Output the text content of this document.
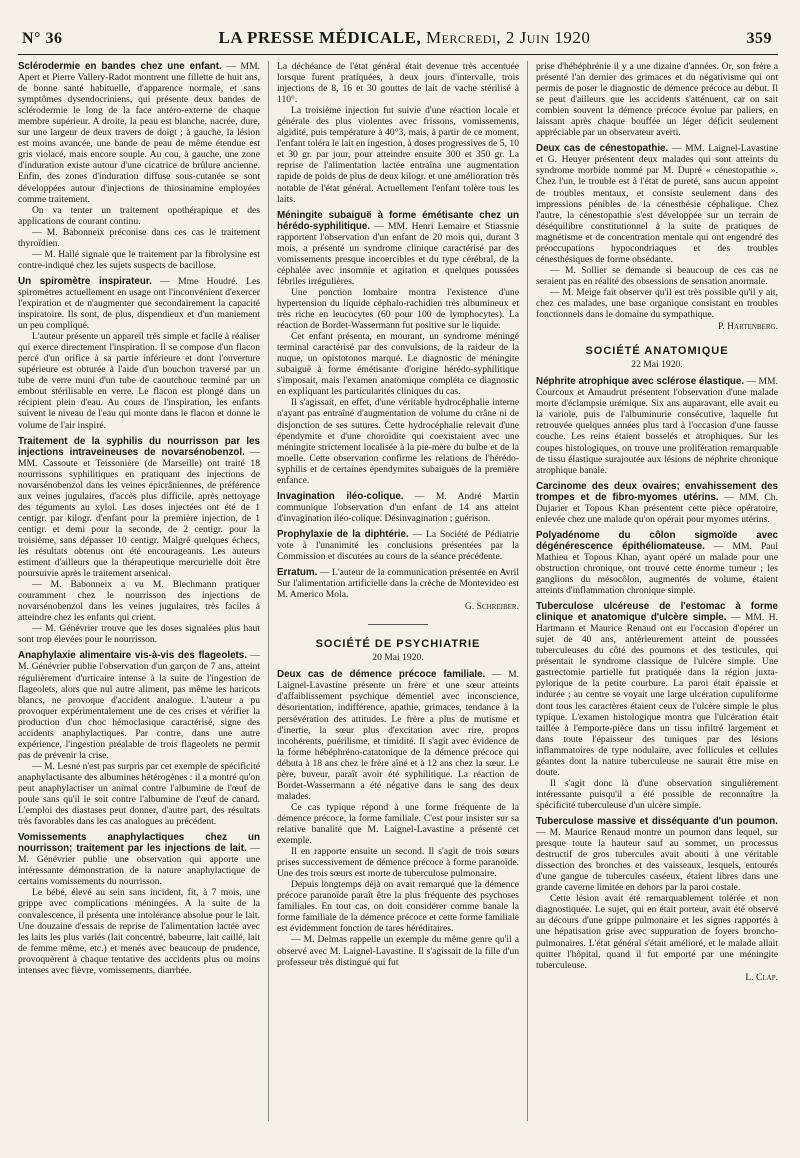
N° 36	LA PRESSE MÉDICALE, Mercredi, 2 Juin 1920	359

Sclérodermie en bandes chez une enfant. — MM. Apert et Pierre Vallery-Radot montrent une fillette de huit ans, de bonne santé habituelle, d'apparence normale, et sans symptômes dysendocriniens, qui présente deux bandes de sclérodermie le long de la face antéro-externe de chaque membre supérieur. A droite, la peau est blanche, nacrée, dure, sur une largeur de deux travers de doigt ; à gauche, la lésion est moins avancée, une bande de peau de même étendue est gris violacé, mais encore souple. Au cou, à gauche, une zone d'induration existe autour d'une cicatrice de brûlure ancienne. Enfin, des zones d'induration diffuse sous-cutanée se sont développées autour d'injections de thiosinamine employées comme traitement.

On va tenter un traitement opothérapique et des applications de courant continu.

— M. Babonneix préconise dans ces cas le traitement thyroïdien.

— M. Hallé signale que le traitement par la fibrolysine est contre-indiqué chez les sujets suspects de bacillose.

Un spiromètre inspirateur. — Mme Houdré. Les spiromètres actuellement en usage ont l'inconvénient d'exercer l'expiration et de n'augmenter que secondairement la capacité inspiratoire. Ils sont, de plus, dispendieux et d'un maniement un peu compliqué.

L'auteur présente un appareil très simple et facile à réaliser qui exerce directement l'inspiration. Il se compose d'un flacon percé d'un orifice à sa partie inférieure et dont l'ouverture supérieure est obturée à l'aide d'un bouchon traversé par un tube de verre muni d'un tube de caoutchouc terminé par un embout stérilisable en verre. Le flacon est plongé dans un récipient plein d'eau. Au cours de l'inspiration, les enfants suivent le niveau de l'eau qui monte dans le flacon et donne le volume de l'air inspiré.

Traitement de la syphilis du nourrisson par les injections intraveineuses de novarsénobenzol. — MM. Cassoute et Teissonière (de Marseille) ont traité 18 nourrissons syphilitiques en pratiquant des injections de novarsénobenzol dans les veines épicrâniennes, de préférence aux veines jugulaires, d'accès plus difficile, après nettoyage des téguments au xylol. Les doses injectées ont été de 1 centigr. par kilogr. d'enfant pour la première injection, de 1 centigr. et demi pour la seconde, de 2 centigr. pour la troisième, sans dépasser 10 centigr. Malgré quelques échecs, les résultats obtenus ont été encourageants. Les auteurs estiment d'ailleurs que la thérapeutique mercurielle doit être poursuivie après le traitement arsenical.

— M. Babonneix a vu M. Blechmann pratiquer couramment chez le nourrisson des injections de novarsénobenzol dans les veines jugulaires, très faciles à atteindre chez les enfants qui crient.

— M. Génévrier trouve que les doses signalées plus haut sont trop élevées pour le nourrisson.

Anaphylaxie alimentaire vis-à-vis des flageolets. — M. Génévrier publie l'observation d'un garçon de 7 ans, atteint régulièrement d'urticaire intense à la suite de l'ingestion de flageolets, alors que nul autre aliment, pas même les haricots blancs, ne provoque d'accident analogue. L'auteur a pu provoquer expérimentalement une de ces crises et vérifier la production d'un choc hémoclasique caractérisé, signe des accidents anaphylactiques. Par contre, dans une autre expérience, l'ingestion préalable de trois flageolets ne permit pas de prévenir la crise.

— M. Lesné n'est pas surpris par cet exemple de spécificité anaphylactisante des albumines hétérogènes : il a montré qu'on peut anaphylactiser un animal contre l'albumine de l'œuf de poule sans qu'il le soit contre l'albumine de l'œuf de canard. L'emploi des diastases peut donner, d'autre part, des résultats très favorables dans les cas analogues au précédent.

Vomissements anaphylactiques chez un nourrisson; traitement par les injections de lait. — M. Génévrier publie une observation qui apporte une intéressante démonstration de la nature anaphylactique de certains vomissements du nourrisson.

Le bébé, élevé au sein sans incident, fit, à 7 mois, une grippe avec complications méningées. A la suite de la convalescence, il présenta une intolérance absolue pour le lait. Une douzaine d'essais de reprise de l'alimentation lactée avec les laits les plus variés (lait concentré, babeurre, lait caillé, lait de femme même, etc.) et menés avec beaucoup de prudence, provoquèrent à chaque tentative des accidents plus ou moins intenses avec fièvre, vomissements, diarrhée.

La déchéance de l'état général était devenue très accentuée lorsque furent pratiquées, à deux jours d'intervalle, trois injections de 8, 16 et 30 gouttes de lait de vache stérilisé à 110°.

La troisième injection fut suivie d'une réaction locale et générale des plus violentes avec frissons, vomissements, algidité, puis température à 40°3, mais, à partir de ce moment, l'enfant toléra le lait en ingestion, à doses progressives de 5, 10 et 30 gr. par jour, pour atteindre ensuite 300 et 350 gr. La reprise de l'alimentation lactée entraîna une augmentation rapide de poids de plus de deux kilogr. et une amélioration très notable de l'état général. Actuellement l'enfant tolère tous les laits.

Méningite subaiguë à forme émétisante chez un hérédo-syphilitique. — MM. Henri Lemaire et Stiassnie rapportent l'observation d'un enfant de 20 mois qui, durant 3 mois, a présenté un syndrome clinique caractérisé par des vomissements presque incoercibles et du type cérébral, de la céphalée avec insomnie et agitation et quelques poussées fébriles irrégulières.

Une ponction lombaire montra l'existence d'une hypertension du liquide céphalo-rachidien très albumineux et très riche en leucocytes (60 pour 100 de lymphocytes). La réaction de Bordet-Wassermann fut positive sur le liquide.

Cet enfant présenta, en mourant, un syndrome méningé terminal caractérisé par des convulsions, de la raideur de la nuque, un opistotonos marqué. Le diagnostic de méningite subaiguë à forme émétisante d'origine hérédo-syphilitique s'imposait, mais l'examen anatomique compléta ce diagnostic en expliquant les particularités cliniques du cas.

Il s'agissait, en effet, d'une véritable hydrocéphalie interne n'ayant pas entraîné d'augmentation de volume du crâne ni de disjonction de ses sutures. Cette hydrocéphalie relevait d'une épendymite et d'une choroïdite qui coexistaient avec une méningite strictement localisée à la pie-mère du bulbe et de la moelle. Cette observation confirme les relations de l'hérédo-syphilis et de certaines épendymites subaiguës de la première enfance.

Invagination iléo-colique. — M. André Martin communique l'observation d'un enfant de 14 ans atteint d'invagination iléo-colique. Désinvagination ; guérison.

Prophylaxie de la diphtérie. — La Société de Pédiatrie vote à l'unanimité les conclusions présentées par la Commission et discutées au cours de la séance précédente.

Erratum. — L'auteur de la communication présentée en Avril Sur l'alimentation artificielle dans la crèche de Montevideo est M. Americo Mola.

G. Schreiber.
SOCIÉTÉ DE PSYCHIATRIE
20 Mai 1920.

Deux cas de démence précoce familiale. — M. Laignel-Lavastine présente un frère et une sœur atteints d'affaiblissement psychique démentiel avec inconscience, désorientation, indifférence, apathie, grimaces, tendance à la persévération des attitudes. Le frère a plus de mutisme et d'inertie, la sœur plus d'excitation avec rire, propos incohérents, puérilisme, et timidité. Il s'agit avec évidence de la forme hébéphréno-catatonique de la démence précoce qui débuta à 18 ans chez le frère aîné et à 12 ans chez la sœur. Le père, buveur, paraît avoir été syphilitique. La réaction de Bordet-Wassermann a été négative dans le sang des deux malades.

Ce cas typique répond à une forme fréquente de la démence précoce, la forme familiale. C'est pour insister sur sa relative banalité que M. Laignel-Lavastine a présenté cet exemple.

Il en rapporte ensuite un second. Il s'agit de trois sœurs prises successivement de démence précoce à forme paranoïde. Une des trois sœurs est morte de tuberculose pulmonaire.

Depuis longtemps déjà on avait remarqué que la démence précoce paranoïde paraît être la plus fréquente des psychoses familiales. En tout cas, on doit considérer comme banale la forme familiale de la démence précoce et cette forme familiale est évidemment fonction de tares héréditaires.

— M. Delmas rappelle un exemple du même genre qu'il a observé avec M. Laignel-Lavastine. Il s'agissait de la fille d'un professeur très distingué qui fut

prise d'hébéphrénie il y a une dizaine d'années. Or, son frère a présenté l'an dernier des grimaces et du négativisme qui ont permis de poser le diagnostic de démence précoce au début. Il se peut d'ailleurs que les accidents s'atténuent, car on sait combien souvent la démence précoce évolue par paliers, en laissant après chaque bouffée un léger déficit seulement appréciable par un observateur averti.

Deux cas de cénestopathie. — MM. Laignel-Lavastine et G. Heuyer présentent deux malades qui sont atteints du syndrome morbide nommé par M. Dupré « cénestopathie ». Chez l'un, le trouble est à l'état de pureté, sans aucun appoint de troubles mentaux, et consiste seulement dans des impressions pénibles de la cénesthésie céphalique. Chez l'autre, la cénestopathie s'est développée sur un terrain de déséquilibre constitutionnel à la suite de pratiques de magnétisme et de concentration mentale qui ont engendré des préoccupations hypocondriaques et des troubles cénesthésiques de forme obsédante.

— M. Sollier se demande si beaucoup de ces cas ne seraient pas en réalité des obsessions de sensation anormale.

— M. Meige fait observer qu'il est très possible qu'il y ait, chez ces malades, une base organique consistant en troubles fonctionnels dans le domaine du sympathique.

P. Hartenberg.
SOCIÉTÉ ANATOMIQUE
22 Mai 1920.

Néphrite atrophique avec sclérose élastique. — MM. Courcoux et Amaudrut présentent l'observation d'une malade morte d'éclampsie urémique. Six ans auparavant, elle avait eu la variole, puis de l'albuminurie consécutive, laquelle fut retrouvée quelques années plus tard à l'occasion d'une fausse couche. Les reins étaient bosselés et atrophiques. Sur les coupes histologiques, on trouve une prolifération remarquable de tissu élastique surajoutée aux lésions de néphrite chronique atrophique banale.

Carcinome des deux ovaires; envahissement des trompes et de fibro-myomes utérins. — MM. Ch. Dujarier et Topous Khan présentent cette pièce opératoire, enlevée chez une malade qu'on opérait pour myomes utérins.

Polyadénome du côlon sigmoïde avec dégénérescence épithéliomateuse. — MM. Paul Mathieu et Topous Khan, ayant opéré un malade pour une obstruction chronique, ont trouvé cette énorme tumeur ; les ganglions du mésocôlon, augmentés de volume, étaient atteints d'inflammation chronique simple.

Tuberculose ulcéreuse de l'estomac à forme clinique et anatomique d'ulcère simple. — MM. H. Hartmann et Maurice Renaud ont eu l'occasion d'opérer un sujet de 40 ans, antérieurement atteint de poussées tuberculeuses du côté des poumons et des testicules, qui présentait le syndrome classique de l'ulcère simple. Une gastrectomie partielle fut pratiquée dans la région juxta-pylorique de la petite courbure. La paroi était épaissie et indurée ; au centre se voyait une large ulcération cupuliforme dont tous les caractères étaient ceux de l'ulcère simple le plus typique. L'examen histologique montra que l'ulcération était taillée à l'emporte-pièce dans un tissu infiltré largement et dans toute l'épaisseur des tuniques par des lésions inflammatoires de type nodulaire, avec follicules et cellules géantes dont la nature tuberculeuse ne saurait être mise en doute.

Il s'agit donc là d'une observation singulièrement intéressante puisqu'il a été possible de reconnaître la spécificité tuberculeuse d'un ulcère simple.

Tuberculose massive et disséquante d'un poumon. — M. Maurice Renaud montre un poumon dans lequel, sur presque toute la hauteur sauf au sommet, un processus destructif de gros tubercules avait abouti à une véritable dissection des bronches et des vaisseaux, lesquels, entourés d'une gangue de tubercules caséeux, étaient libres dans une grande caverne limitée en dehors par la paroi costale.

Cette lésion avait été remarquablement tolérée et non diagnostiquée. Le sujet, qui en était porteur, avait été observé au décours d'une grippe pulmonaire et les signes rapportés à une hépatisation grise avec suppuration de foyers broncho-pulmonaires. L'état général s'était amélioré, et le malade allait quitter l'hôpital, quand il fut emporté par une méningite tuberculeuse.

L. Clap.
